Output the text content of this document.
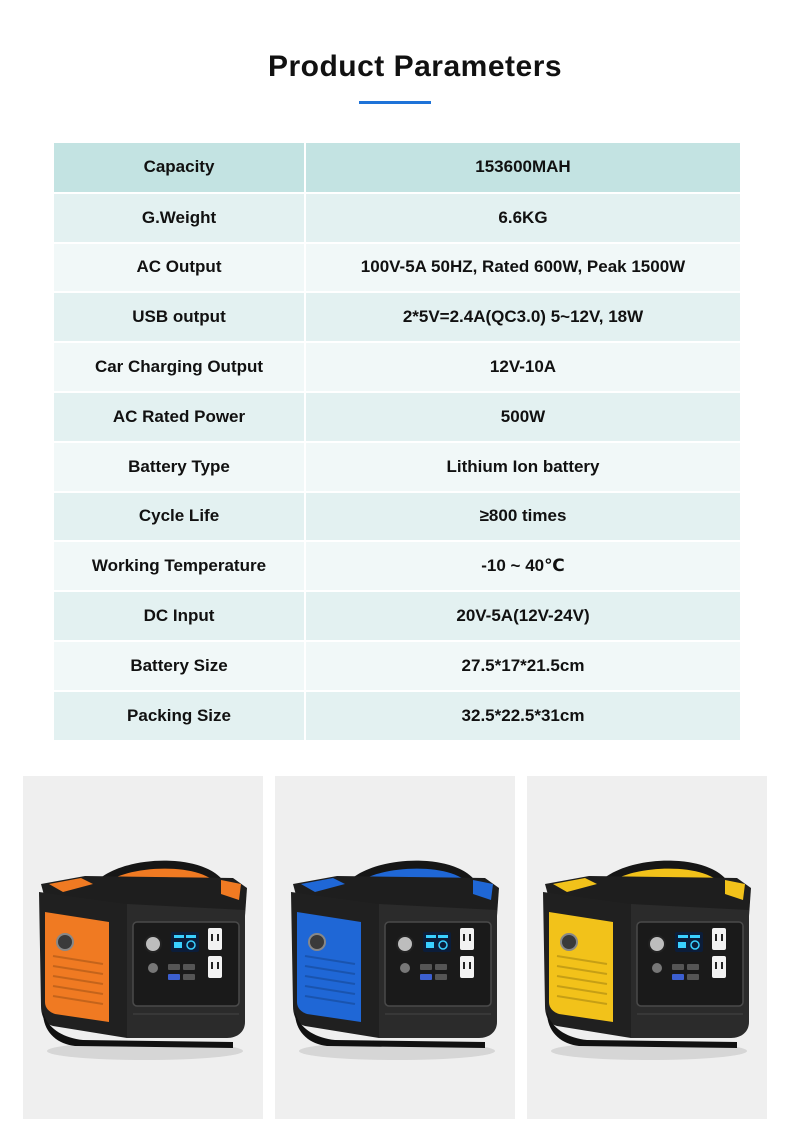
Product Parameters
Capacity	153600MAH
G.Weight	6.6KG
AC Output	100V-5A 50HZ, Rated 600W, Peak 1500W
USB output	2*5V=2.4A(QC3.0) 5~12V, 18W
Car Charging Output	12V-10A
AC Rated Power	500W
Battery Type	Lithium Ion battery
Cycle Life	≥800 times
Working Temperature	-10 ~ 40℃
DC Input	20V-5A(12V-24V)
Battery Size	27.5*17*21.5cm
Packing Size	32.5*22.5*31cm
